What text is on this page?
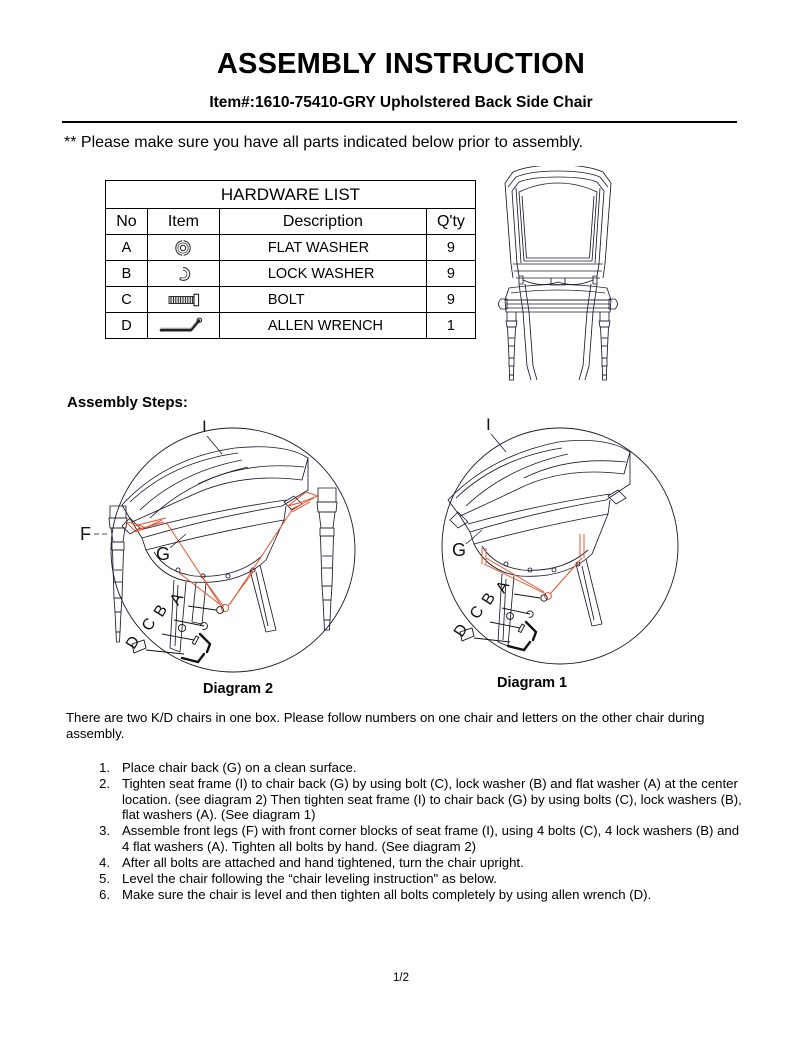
ASSEMBLY INSTRUCTION
Item#:1610-75410-GRY Upholstered Back Side Chair
** Please make sure you have all parts indicated below prior to assembly.
HARDWARE LIST			
No	Item	Description	Q'ty
A		FLAT WASHER	9
B		LOCK WASHER	9
C		BOLT	9
D		ALLEN WRENCH	1
Assembly Steps:
A
B
C
D
I
F
G
A
B
C
D
I
G
Diagram 2	Diagram 1
There are two K/D chairs in one box. Please follow numbers on one chair and letters on the other chair during assembly.
1. Place chair back (G) on a clean surface.
2. Tighten seat frame (I) to chair back (G) by using bolt (C), lock washer (B) and flat washer (A) at the center location. (see diagram 2) Then tighten seat frame (I) to chair back (G) by using bolts (C), lock washers (B), flat washers (A). (See diagram 1)
3. Assemble front legs (F) with front corner blocks of seat frame (I), using 4 bolts (C), 4 lock washers (B) and 4 flat washers (A). Tighten all bolts by hand. (See diagram 2)
4. After all bolts are attached and hand tightened, turn the chair upright.
5. Level the chair following the “chair leveling instruction" as below.
6. Make sure the chair is level and then tighten all bolts completely by using allen wrench (D).
1/2
